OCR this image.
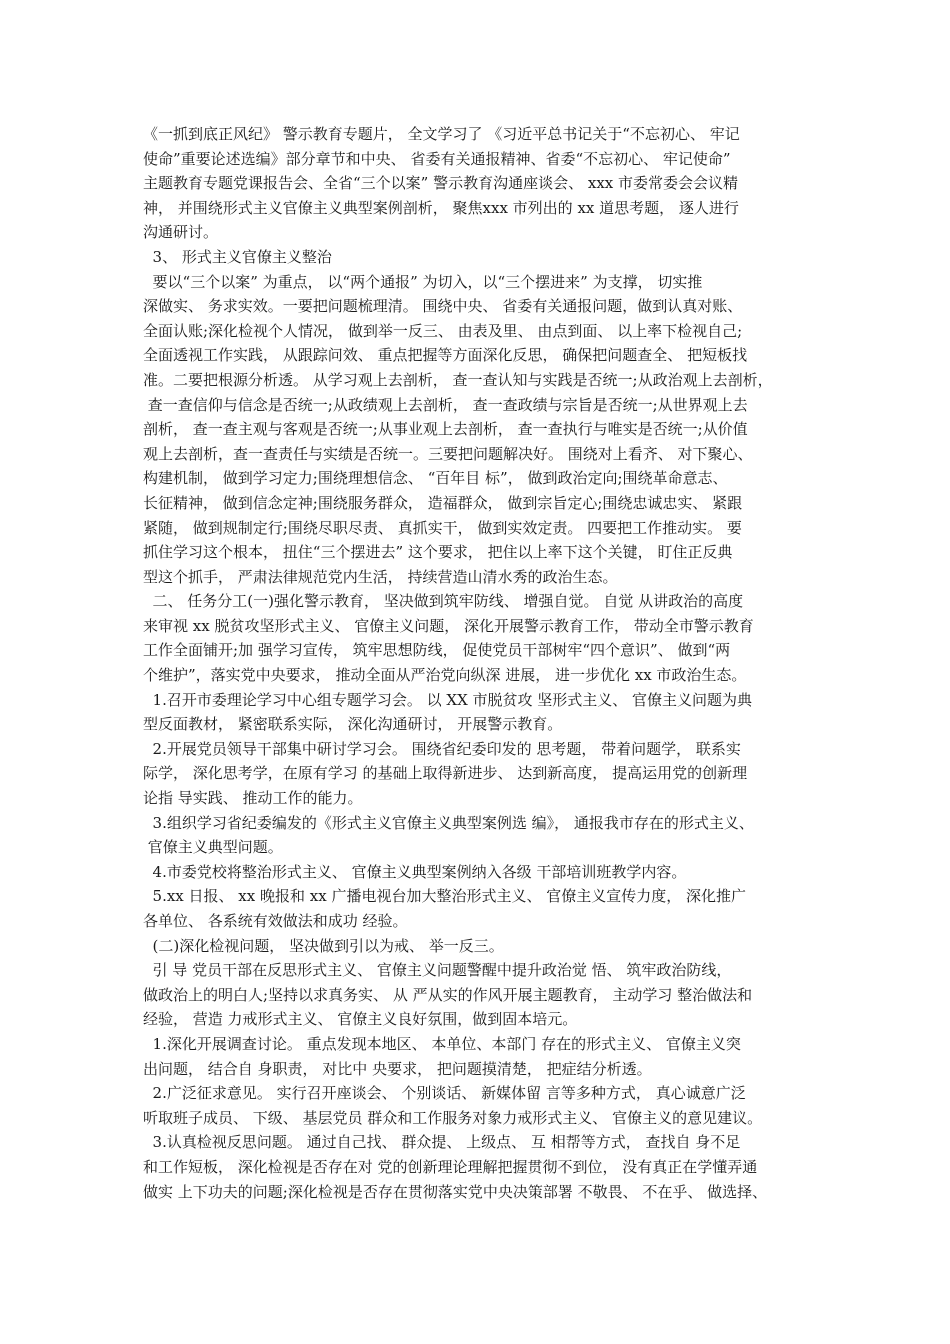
《一抓到底正风纪》 警示教育专题片， 全文学习了 《习近平总书记关于“不忘初心、 牢记
使命”重要论述选编》部分章节和中央、 省委有关通报精神、省委“不忘初心、 牢记使命”
主题教育专题党课报告会、全省“三个以案” 警示教育沟通座谈会、 xxx 市委常委会会议精
神， 并围绕形式主义官僚主义典型案例剖析， 聚焦xxx 市列出的 xx 道思考题， 逐人进行
沟通研讨。
3、 形式主义官僚主义整治
要以“三个以案” 为重点， 以“两个通报” 为切入，以“三个摆进来” 为支撑， 切实推
深做实、 务求实效。一要把问题梳理清。 围绕中央、 省委有关通报问题，做到认真对账、
全面认账;深化检视个人情况， 做到举一反三、 由表及里、 由点到面、 以上率下检视自己;
全面透视工作实践， 从跟踪问效、 重点把握等方面深化反思， 确保把问题查全、 把短板找
准。二要把根源分析透。 从学习观上去剖析， 查一查认知与实践是否统一;从政治观上去剖析，
查一查信仰与信念是否统一;从政绩观上去剖析， 查一查政绩与宗旨是否统一;从世界观上去
剖析， 查一查主观与客观是否统一;从事业观上去剖析， 查一查执行与唯实是否统一;从价值
观上去剖析，查一查责任与实绩是否统一。三要把问题解决好。 围绕对上看齐、 对下聚心、
构建机制， 做到学习定力;围绕理想信念、 “百年目 标”， 做到政治定向;围绕革命意志、
长征精神， 做到信念定神;围绕服务群众， 造福群众， 做到宗旨定心;围绕忠诚忠实、 紧跟
紧随， 做到规制定行;围绕尽职尽责、 真抓实干， 做到实效定责。 四要把工作推动实。 要
抓住学习这个根本， 扭住“三个摆进去” 这个要求， 把住以上率下这个关键， 盯住正反典
型这个抓手， 严肃法律规范党内生活， 持续营造山清水秀的政治生态。
二、 任务分工(一)强化警示教育， 坚决做到筑牢防线、 增强自觉。 自觉 从讲政治的高度
来审视 xx 脱贫攻坚形式主义、 官僚主义问题， 深化开展警示教育工作， 带动全市警示教育
工作全面铺开;加 强学习宣传， 筑牢思想防线， 促使党员干部树牢“四个意识”、 做到“两
个维护”，落实党中央要求， 推动全面从严治党向纵深 进展， 进一步优化 xx 市政治生态。
1.召开市委理论学习中心组专题学习会。 以 XX 市脱贫攻 坚形式主义、 官僚主义问题为典
型反面教材， 紧密联系实际， 深化沟通研讨， 开展警示教育。
2.开展党员领导干部集中研讨学习会。 围绕省纪委印发的 思考题， 带着问题学， 联系实
际学， 深化思考学，在原有学习 的基础上取得新进步、 达到新高度， 提高运用党的创新理
论指 导实践、 推动工作的能力。
3.组织学习省纪委编发的《形式主义官僚主义典型案例选 编》， 通报我市存在的形式主义、
官僚主义典型问题。
4.市委党校将整治形式主义、 官僚主义典型案例纳入各级 干部培训班教学内容。
5.xx 日报、 xx 晚报和 xx 广播电视台加大整治形式主义、 官僚主义宣传力度， 深化推广
各单位、 各系统有效做法和成功 经验。
(二)深化检视问题， 坚决做到引以为戒、 举一反三。
引 导 党员干部在反思形式主义、 官僚主义问题警醒中提升政治觉 悟、 筑牢政治防线，
做政治上的明白人;坚持以求真务实、 从 严从实的作风开展主题教育， 主动学习 整治做法和
经验， 营造 力戒形式主义、 官僚主义良好氛围，做到固本培元。
1.深化开展调查讨论。 重点发现本地区、 本单位、本部门 存在的形式主义、 官僚主义突
出问题， 结合自 身职责， 对比中 央要求， 把问题摸清楚， 把症结分析透。
2.广泛征求意见。 实行召开座谈会、 个别谈话、 新媒体留 言等多种方式， 真心诚意广泛
听取班子成员、 下级、 基层党员 群众和工作服务对象力戒形式主义、 官僚主义的意见建议。
3.认真检视反思问题。 通过自己找、 群众提、 上级点、 互 相帮等方式， 查找自 身不足
和工作短板， 深化检视是否存在对 党的创新理论理解把握贯彻不到位， 没有真正在学懂弄通
做实 上下功夫的问题;深化检视是否存在贯彻落实党中央决策部署 不敬畏、 不在乎、 做选择、
